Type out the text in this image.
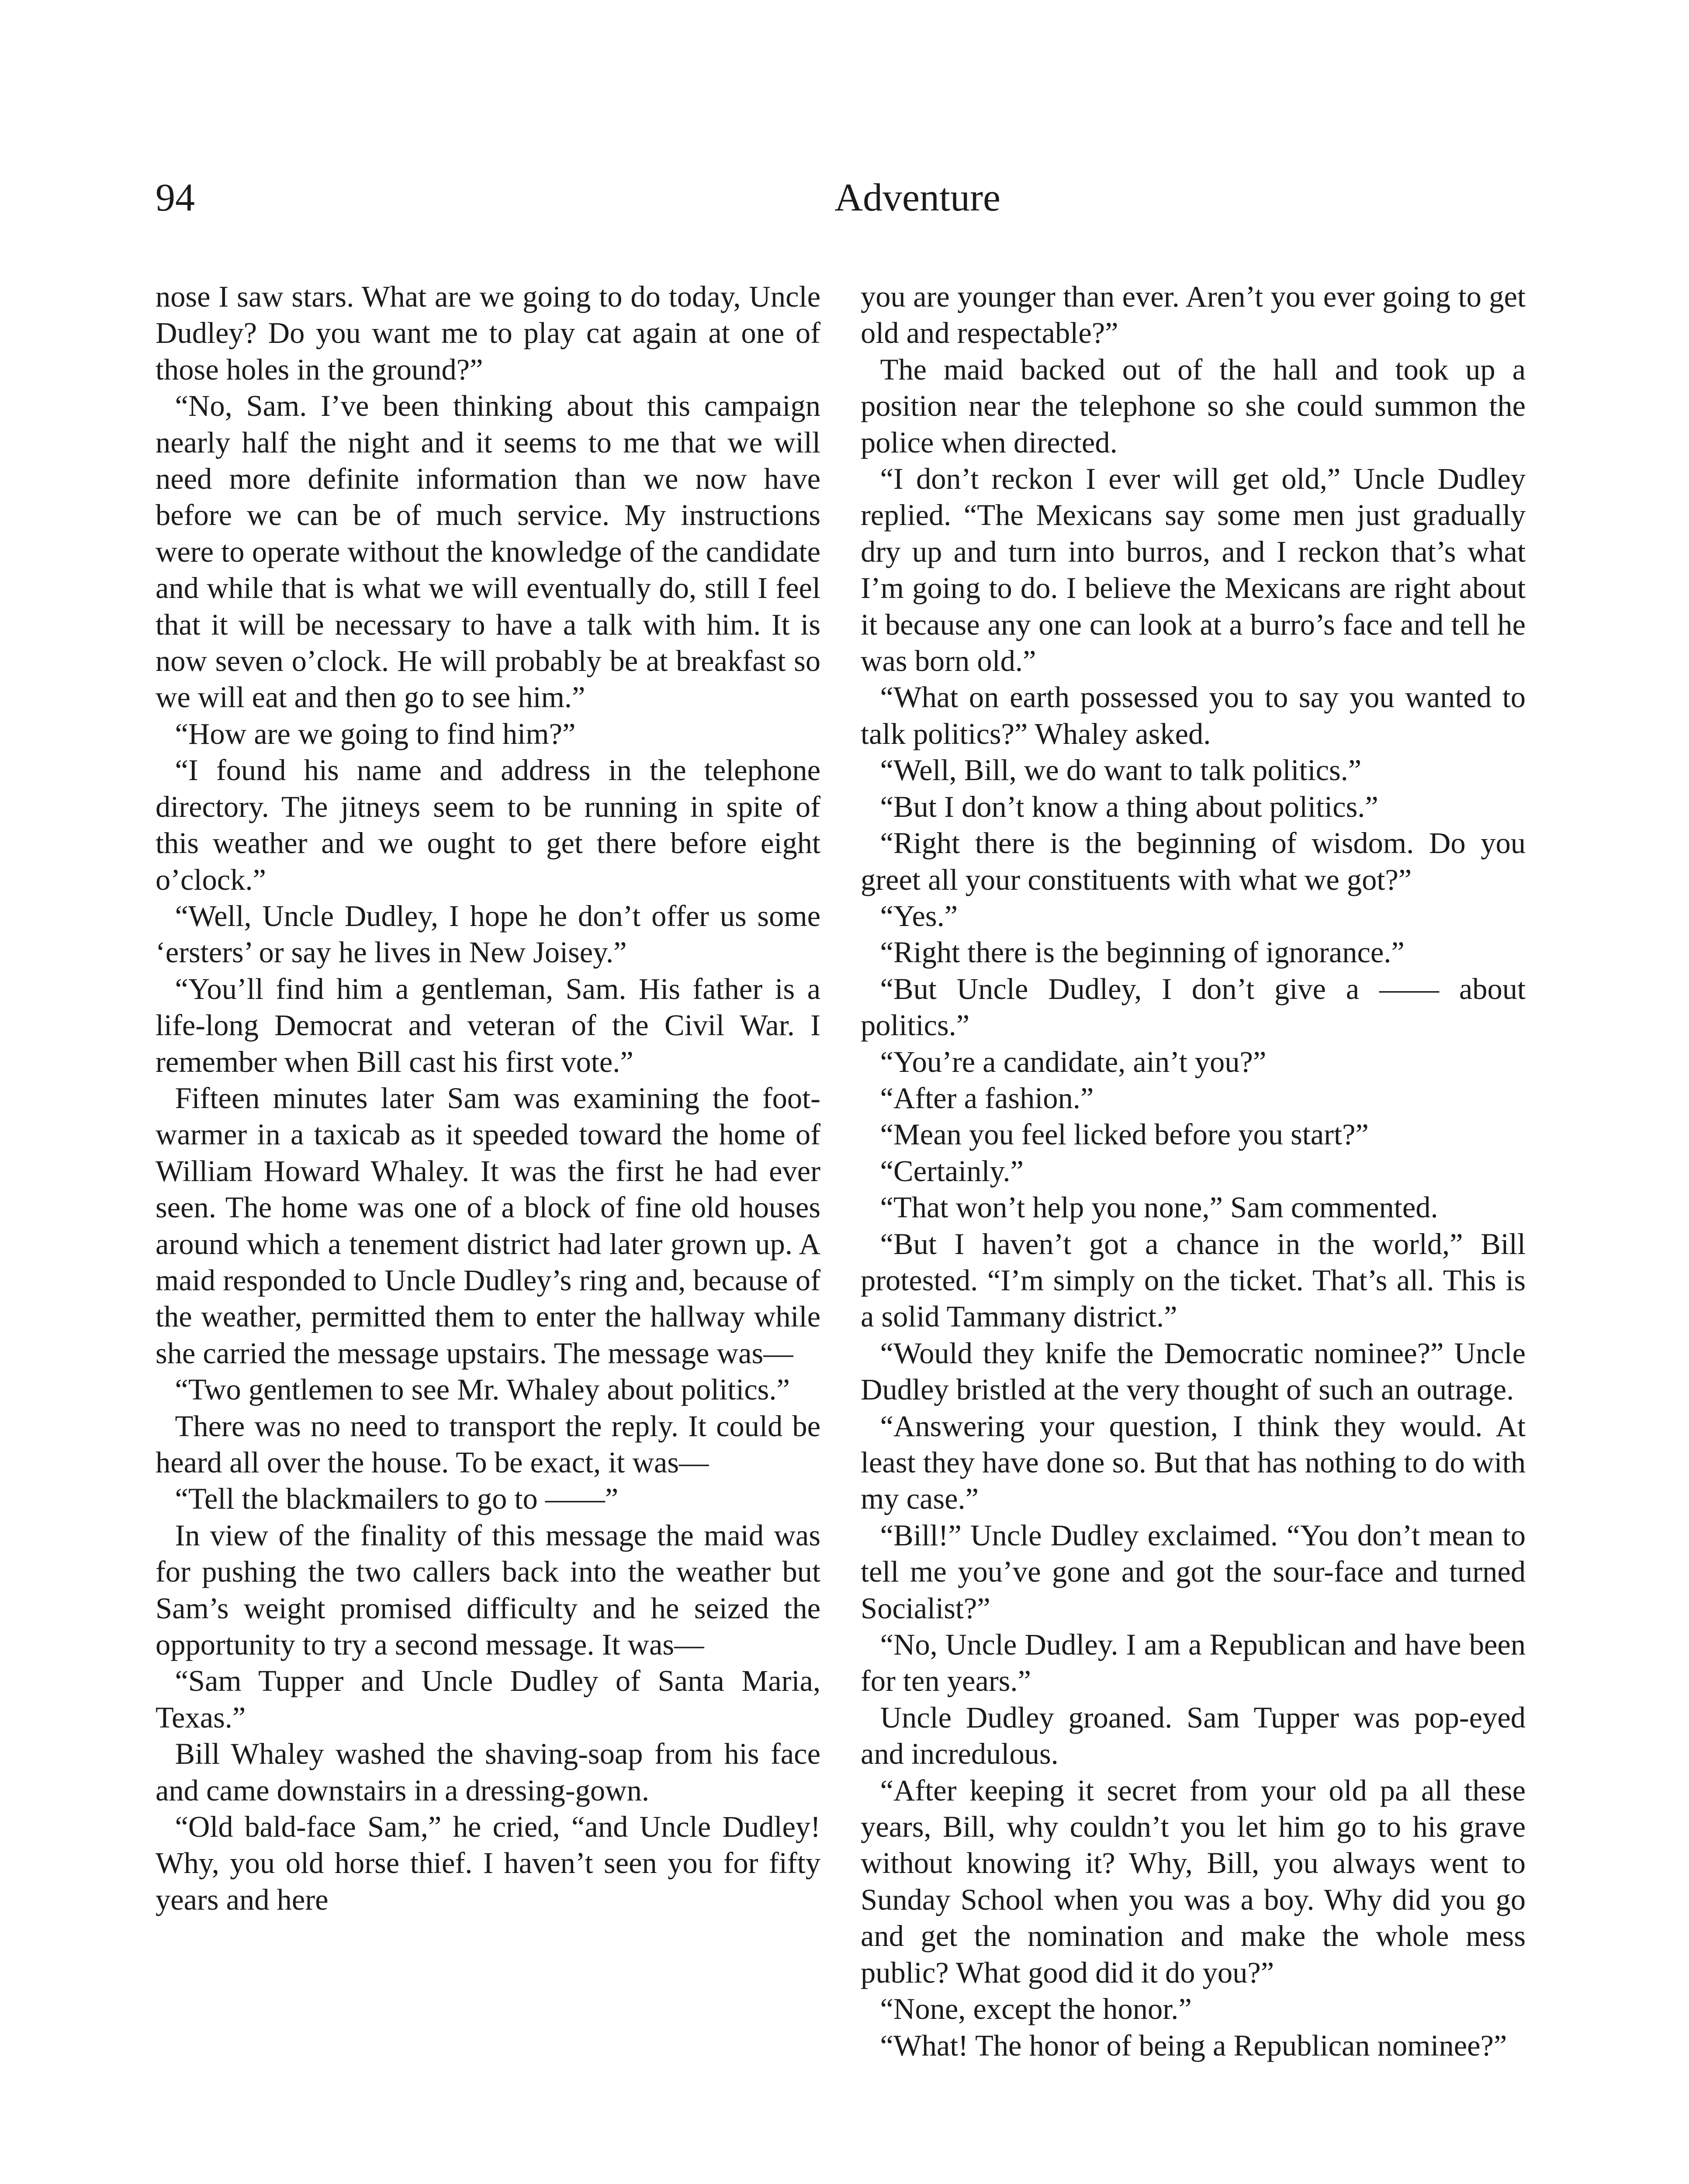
94	Adventure

nose I saw stars. What are we going to do today, Uncle Dudley? Do you want me to play cat again at one of those holes in the ground?”

“No, Sam. I’ve been thinking about this campaign nearly half the night and it seems to me that we will need more definite information than we now have before we can be of much service. My instructions were to operate without the knowledge of the candidate and while that is what we will eventually do, still I feel that it will be necessary to have a talk with him. It is now seven o’clock. He will probably be at breakfast so we will eat and then go to see him.”

“How are we going to find him?”

“I found his name and address in the telephone directory. The jitneys seem to be running in spite of this weather and we ought to get there before eight o’clock.”

“Well, Uncle Dudley, I hope he don’t offer us some ‘ersters’ or say he lives in New Joisey.”

“You’ll find him a gentleman, Sam. His father is a life-long Democrat and veteran of the Civil War. I remember when Bill cast his first vote.”

Fifteen minutes later Sam was examining the foot-warmer in a taxicab as it speeded toward the home of William Howard Whaley. It was the first he had ever seen. The home was one of a block of fine old houses around which a tenement district had later grown up. A maid responded to Uncle Dudley’s ring and, because of the weather, permitted them to enter the hallway while she carried the message upstairs. The message was—

“Two gentlemen to see Mr. Whaley about politics.”

There was no need to transport the reply. It could be heard all over the house. To be exact, it was—

“Tell the blackmailers to go to ——”

In view of the finality of this message the maid was for pushing the two callers back into the weather but Sam’s weight promised difficulty and he seized the opportunity to try a second message. It was—

“Sam Tupper and Uncle Dudley of Santa Maria, Texas.”

Bill Whaley washed the shaving-soap from his face and came downstairs in a dressing-gown.

“Old bald-face Sam,” he cried, “and Uncle Dudley! Why, you old horse thief. I haven’t seen you for fifty years and here

you are younger than ever. Aren’t you ever going to get old and respectable?”

The maid backed out of the hall and took up a position near the telephone so she could summon the police when directed.

“I don’t reckon I ever will get old,” Uncle Dudley replied. “The Mexicans say some men just gradually dry up and turn into burros, and I reckon that’s what I’m going to do. I believe the Mexicans are right about it because any one can look at a burro’s face and tell he was born old.”

“What on earth possessed you to say you wanted to talk politics?” Whaley asked.

“Well, Bill, we do want to talk politics.”

“But I don’t know a thing about politics.”

“Right there is the beginning of wisdom. Do you greet all your constituents with what we got?”

“Yes.”

“Right there is the beginning of ignorance.”

“But Uncle Dudley, I don’t give a —— about politics.”

“You’re a candidate, ain’t you?”

“After a fashion.”

“Mean you feel licked before you start?”

“Certainly.”

“That won’t help you none,” Sam commented.

“But I haven’t got a chance in the world,” Bill protested. “I’m simply on the ticket. That’s all. This is a solid Tammany district.”

“Would they knife the Democratic nominee?” Uncle Dudley bristled at the very thought of such an outrage.

“Answering your question, I think they would. At least they have done so. But that has nothing to do with my case.”

“Bill!” Uncle Dudley exclaimed. “You don’t mean to tell me you’ve gone and got the sour-face and turned Socialist?”

“No, Uncle Dudley. I am a Republican and have been for ten years.”

Uncle Dudley groaned. Sam Tupper was pop-eyed and incredulous.

“After keeping it secret from your old pa all these years, Bill, why couldn’t you let him go to his grave without knowing it? Why, Bill, you always went to Sunday School when you was a boy. Why did you go and get the nomination and make the whole mess public? What good did it do you?”

“None, except the honor.”

“What! The honor of being a Republican nominee?”
